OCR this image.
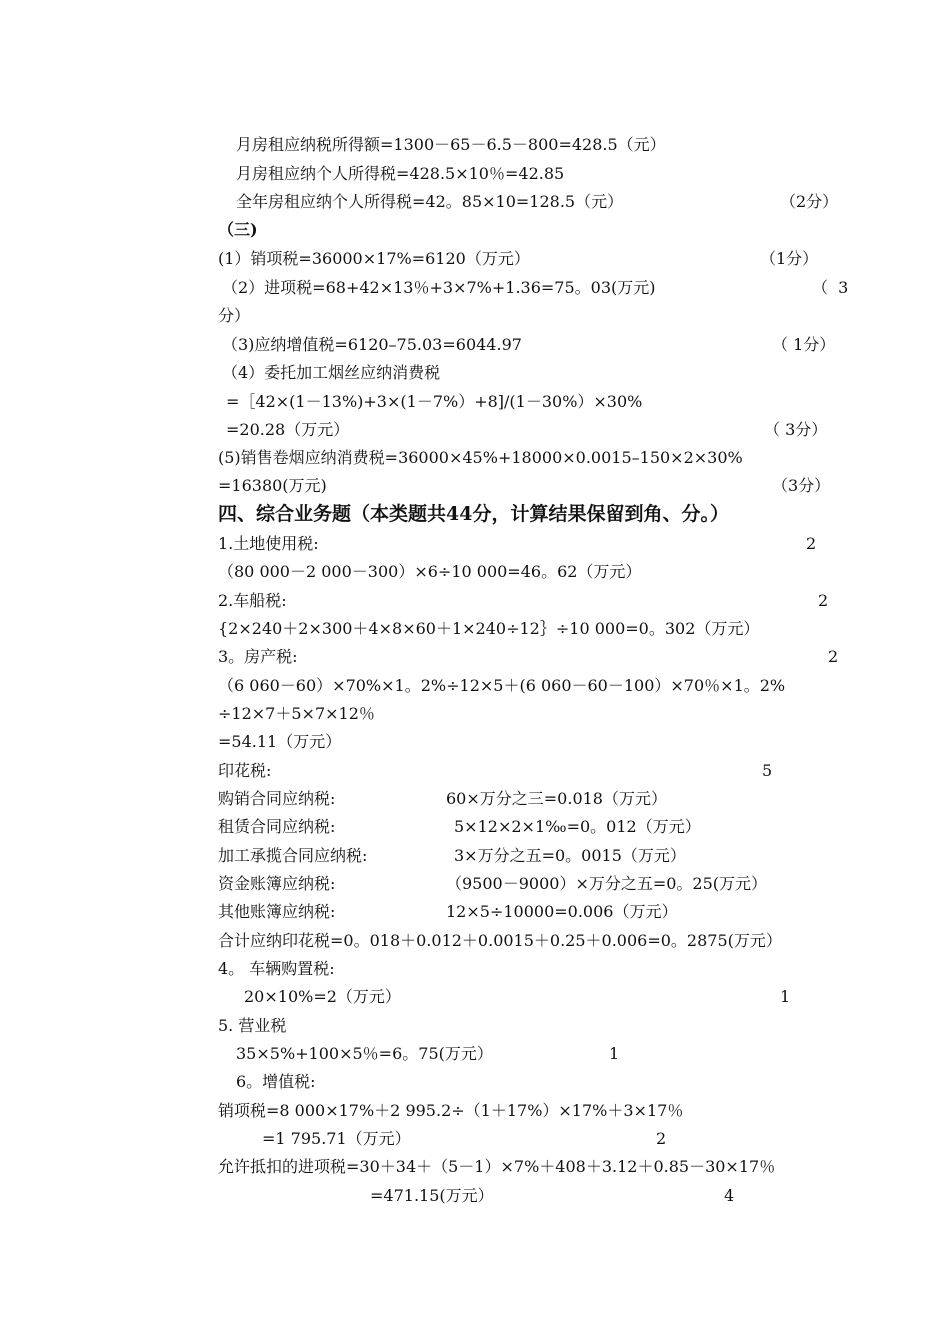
月房租应纳税所得额=1300－65－6.5－800=428.5（元）
月房租应纳个人所得税=428.5×10％=42.85
全年房租应纳个人所得税=42。85×10=128.5（元）	（2分）
（三)
(1）销项税=36000×17%=6120（万元）	（1分）
（2）进项税=68+42×13％+3×7%+1.36=75。03(万元)	（  3
分）
（3)应纳增值税=6120–75.03=6044.97	（ 1分）
（4）委托加工烟丝应纳消费税
=［42×(1－13%)+3×(1－7%）+8]/(1－30%）×30%
=20.28（万元）	（ 3分）
(5)销售卷烟应纳消费税=36000×45%+18000×0.0015–150×2×30%
=16380(万元)	（3分）
四、综合业务题（本类题共44分，计算结果保留到角、分。）
1.土地使用税:	2
（80 000－2 000－300）×6÷10 000=46。62（万元）
2.车船税:	2
{2×240＋2×300＋4×8×60＋1×240÷12｝÷10 000=0。302（万元）
3。房产税:	2
（6 060－60）×70%×1。2%÷12×5＋(6 060－60－100）×70％×1。2%
÷12×7＋5×7×12％
=54.11（万元）
印花税:	5
购销合同应纳税:	60×万分之三=0.018（万元）
租赁合同应纳税:	5×12×2×1‰=0。012（万元）
加工承揽合同应纳税:	3×万分之五=0。0015（万元）
资金账簿应纳税:	（9500－9000）×万分之五=0。25(万元）
其他账簿应纳税:	12×5÷10000=0.006（万元）
合计应纳印花税=0。018＋0.012＋0.0015＋0.25＋0.006=0。2875(万元）
4。 车辆购置税:
20×10%=2（万元）	1
5. 营业税
35×5%+100×5％=6。75(万元）	1
6。增值税:
销项税=8 000×17%＋2 995.2÷（1＋17%）×17%＋3×17％
=1 795.71（万元）	2
允许抵扣的进项税=30＋34＋（5－1）×7%＋408＋3.12＋0.85－30×17％
=471.15(万元）	4
